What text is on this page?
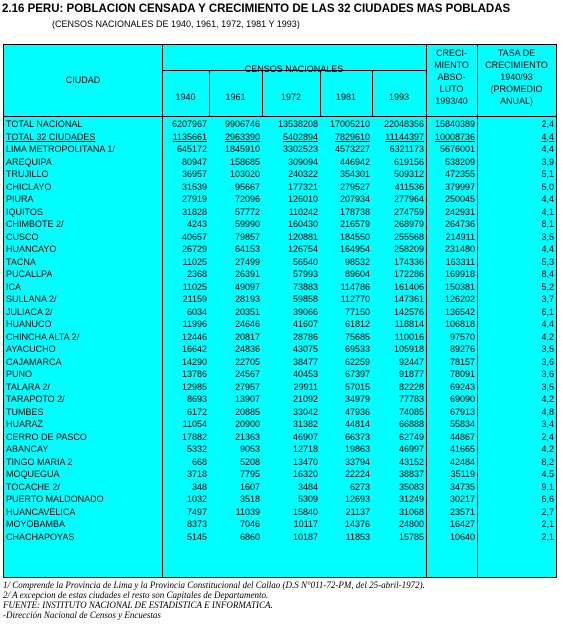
2.16 PERU: POBLACION CENSADA Y CRECIMIENTO DE LAS 32 CIUDADES MAS POBLADAS
(CENSOS NACIONALES DE 1940, 1961, 1972, 1981 Y 1993)
CIUDAD
CENSOS NACIONALES
1940	1961	1972	1981	1993
CRECI-
MIENTO
ABSO-
LUTO
1993/40
TASA DE
CRECIMIENTO
1940/93
(PROMEDIO
ANUAL)
TOTAL NACIONAL	6207967 9906746 13538208 17005210 22048356 15840389	2,4
TOTAL 32 CIUDADES	1135661 2963390	5402894 7829610 11144397 10008736	4,4
LIMA METROPOLITANA 1/	645172 1845910	3302523 4573227 6321173 5676001	4,4
AREQUIPA	80947	158685	309094 446942	619156 538209	3,9
TRUJILLO	36957	103020	240322 354301	509312 472355	5,1
CHICLAYO	31539	95667	177321 279527	411536 379997	5,0
PIURA	27919	72096	126010 207934	277964 250045	4,4
IQUITOS	31828	57772	110242 178738	274759 242931	4,1
CHIMBOTE 2/	4243	59990	160430 216579	268979 264736	8,1
CUSCO	40657	79857	120881 184550	255568 214911	3,5
HUANCAYO	26729	64153	126754 164954	258209 231480	4,4
TACNA	11025	27499	56540	98532	174336 163311	5,3
PUCALLPA	2368	26391	57993	89604	172286 169918	8,4
ICA	11025	49097	73883	114786	161406 150381	5,2
SULLANA 2/	21159	28193	59858	112770	147361 126202	3,7
JULIACA 2/	6034	20351	39066	77150	142576 136542	6,1
HUANUCO	11996	24646	41607	61812	118814 106818	4,4
CHINCHA ALTA 2/	12446	20817	28786	75685	110016	97570	4,2
AYACUCHO	16642	24836	43075	69533	105918	89276	3,5
CAJAMARCA	14290	22705	38477	62259	92447	78157	3,6
PUNO	13786	24567	40453	67397	91877	78091	3,6
TALARA 2/	12985	27957	29911	57015	82228	69243	3,5
TARAPOTO 2/	8693	13907	21092	34979	77783	69090	4,2
TUMBES	6172	20885	33042	47936	74085	67913	4,8
HUARAZ	11054	20900	31382	44814	66888	55834	3,4
CERRO DE PASCO	17882	21363	46907	66373	62749	44867	2,4
ABANCAY	5332	9053	12718	19863	46997	41665	4,2
TINGO MARIA 2	668	5208	13470	33794	43152	42484	8,2
MOQUEGUA	3718	7795	16320	22224	38837	35119	4,5
TOCACHE 2/	348	1607	3484	6273	35083	34735	9,1
PUERTO MALDONADO	1032	3518	5309	12693	31249	30217	6,6
HUANCAVELICA	7497	11039	15840	21137	31068	23571	2,7
MOYOBAMBA	8373	7046	10117	14376	24800	16427	2,1
CHACHAPOYAS	5145	6860	10187	11853	15785	10640	2,1
1/ Comprende la Provincia de Lima y la Provincia Constitucional del Callao (D.S N°011-72-PM, del 25-abril-1972).
2/ A excepcion de estas ciudades el resto son Capitales de Departamento.
FUENTE: INSTITUTO NACIONAL DE ESTADISTICA E INFORMATICA.
-Dirección Nacional de Censos y Encuestas
